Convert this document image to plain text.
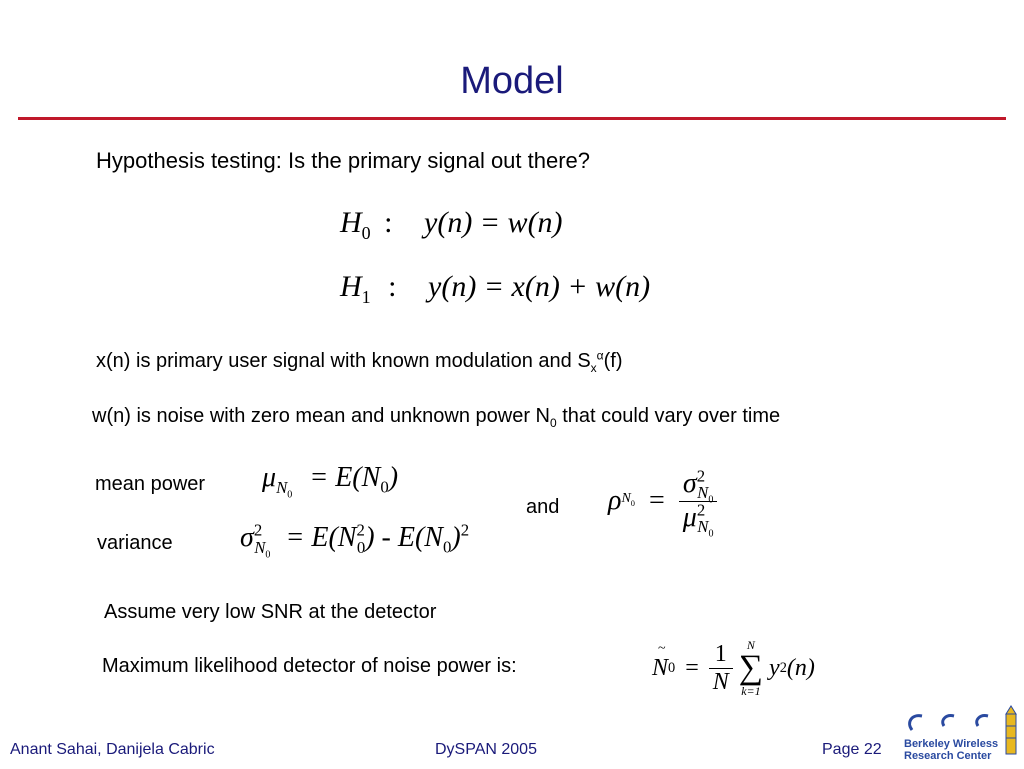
Model
Hypothesis testing: Is the primary signal out there?
$H_0$ : y(n) = w(n)
$H_1$ : y(n) = x(n) + w(n)
x(n) is primary user signal with known modulation and $S_x^\alpha(f)$
w(n) is noise with zero mean and unknown power $N_0$ that could vary over time
mean power $\mu_{N_0} = E(N_0)$
and ρ $N_0 = \frac{\sigma^2_{N_0}}{\mu^2_{N_0}}$
variance $\sigma^2_{N_0} = E(N^2_0) - E(N_0)^2$
Assume very low SNR at the detector
Maximum likelihood detector of noise power is:
~
N $0 = \frac{1}{N}$ N
∑
k=1
y 2 (n)
Anant Sahai, Danijela Cabric	DySPAN 2005	Page 22 Berkeley Wireless
Research Center
